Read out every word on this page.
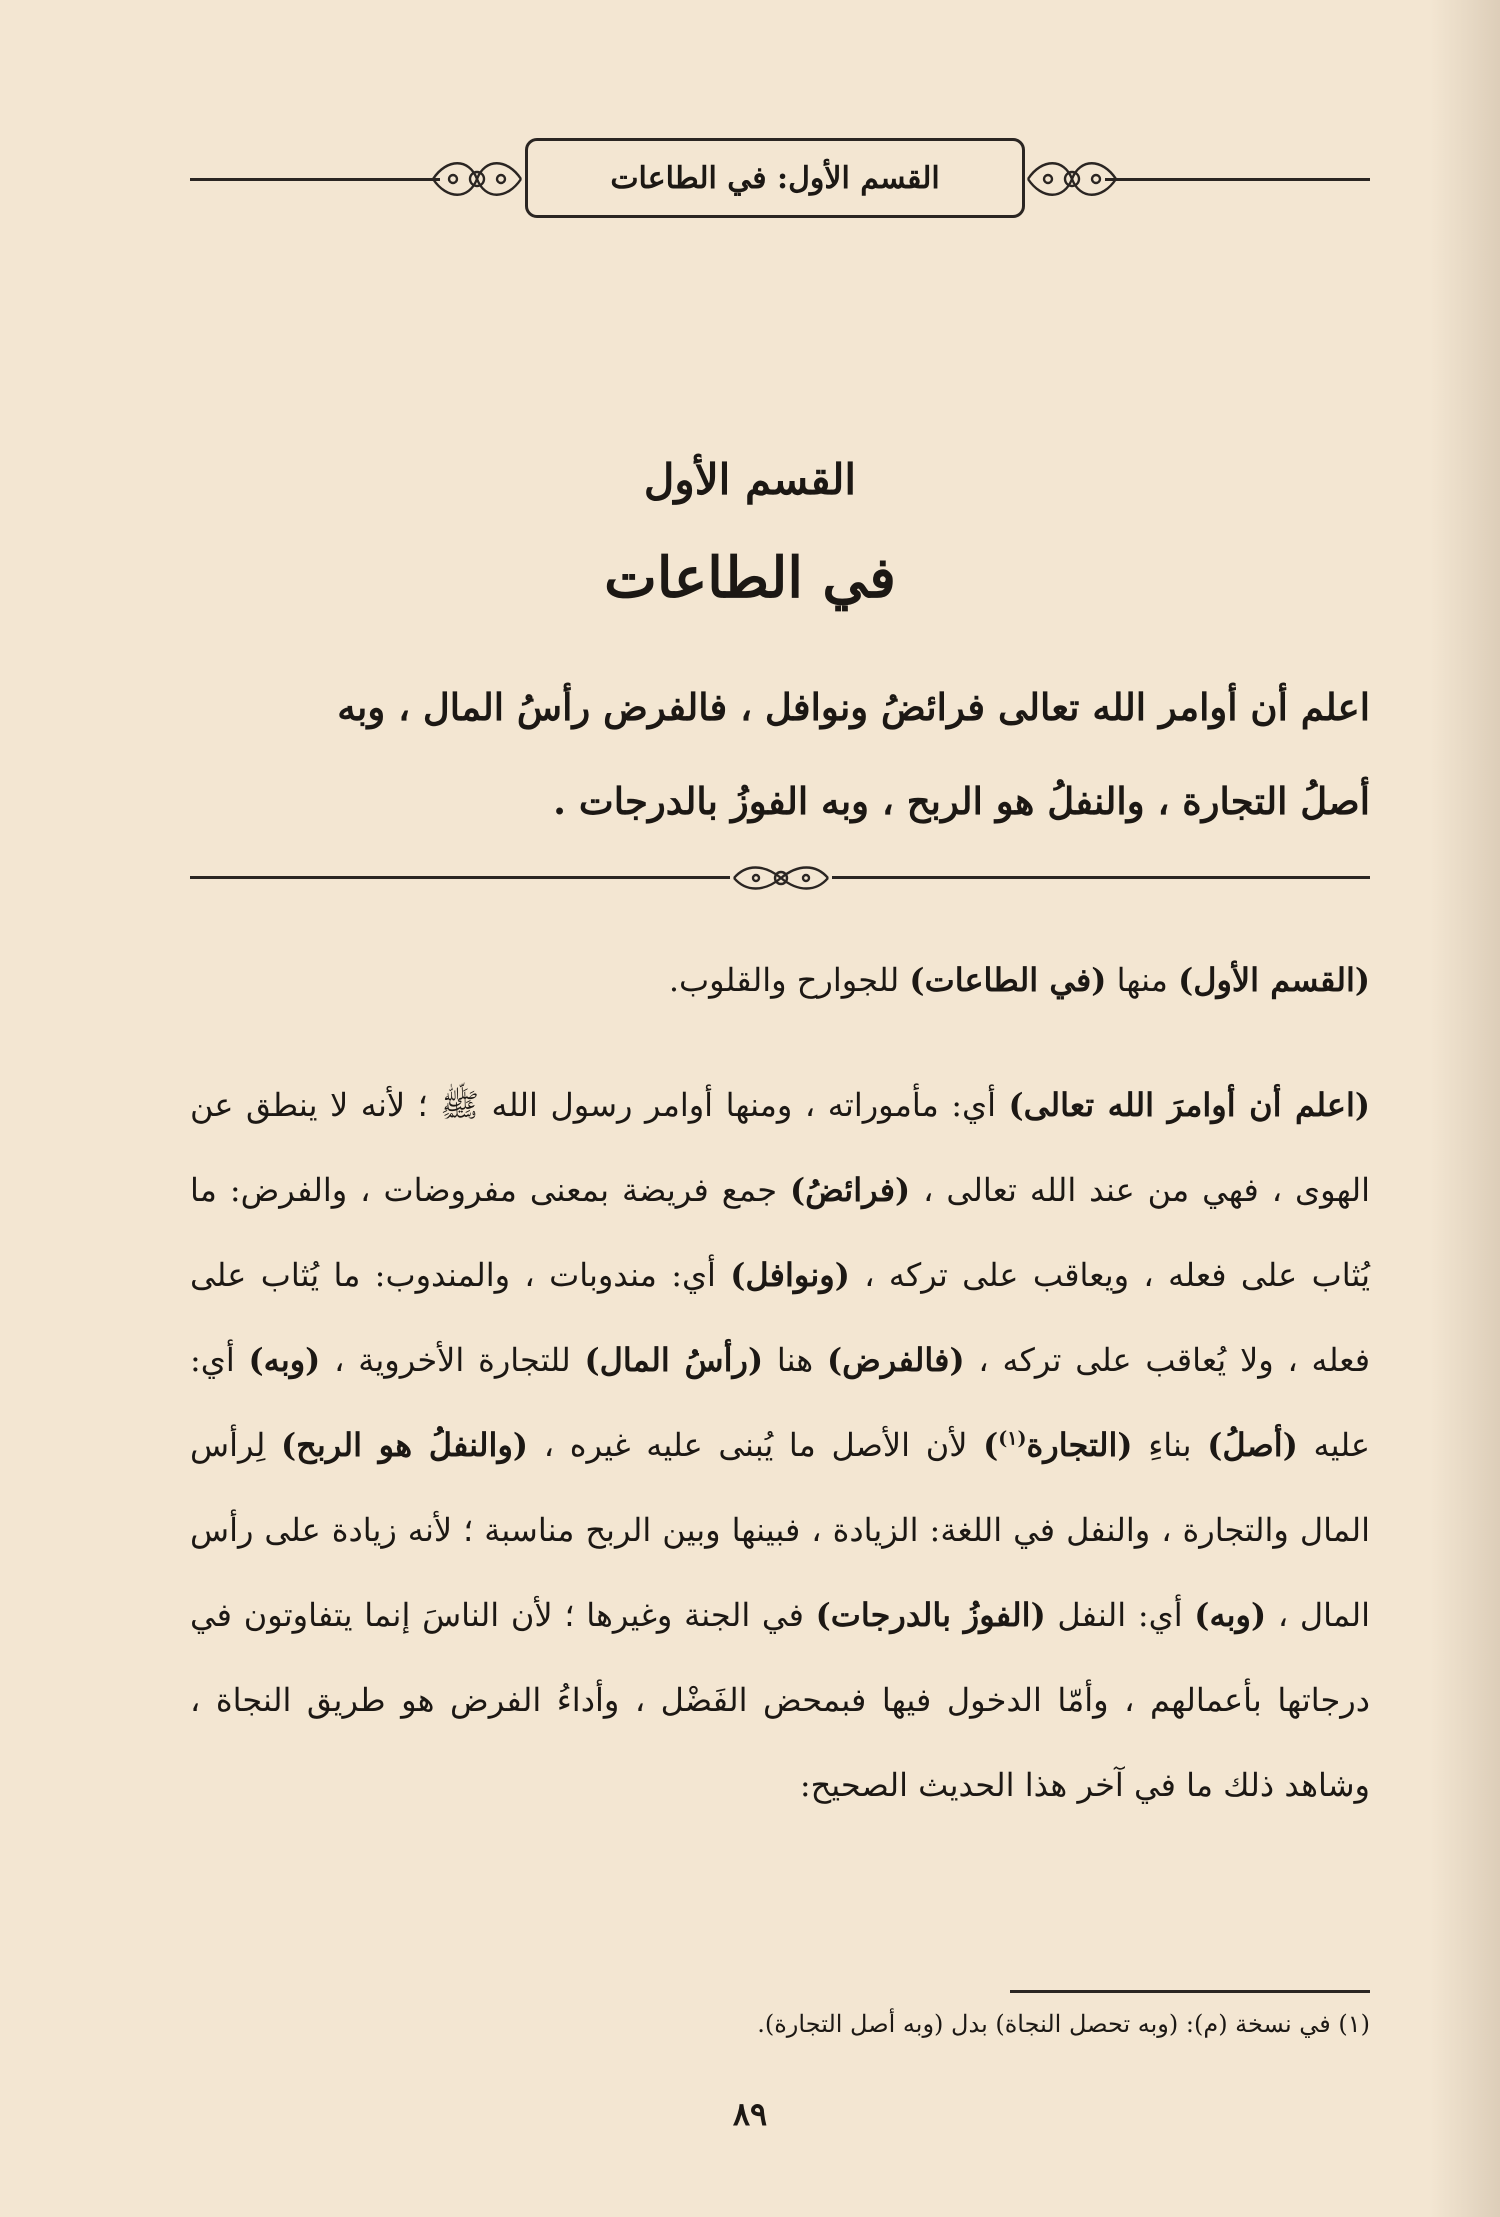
القسم الأول: في الطاعات
القسم الأول
في الطاعات
اعلم أن أوامر الله تعالى فرائضُ ونوافل ، فالفرض رأسُ المال ، وبه
أصلُ التجارة ، والنفلُ هو الربح ، وبه الفوزُ بالدرجات .

(القسم الأول) منها (في الطاعات) للجوارح والقلوب.

(اعلم أن أوامرَ الله تعالى) أي: مأموراته ، ومنها أوامر رسول الله ﷺ ؛ لأنه لا ينطق عن الهوى ، فهي من عند الله تعالى ، (فرائضُ) جمع فريضة بمعنى مفروضات ، والفرض: ما يُثاب على فعله ، ويعاقب على تركه ، (ونوافل) أي: مندوبات ، والمندوب: ما يُثاب على فعله ، ولا يُعاقب على تركه ، (فالفرض) هنا (رأسُ المال) للتجارة الأخروية ، (وبه) أي: عليه (أصلُ) بناءِ (التجارة$^{(١)}$) لأن الأصل ما يُبنى عليه غيره ، (والنفلُ هو الربح) لِرأس المال والتجارة ، والنفل في اللغة: الزيادة ، فبينها وبين الربح مناسبة ؛ لأنه زيادة على رأس المال ، (وبه) أي: النفل (الفوزُ بالدرجات) في الجنة وغيرها ؛ لأن الناسَ إنما يتفاوتون في درجاتها بأعمالهم ، وأمّا الدخول فيها فبمحض الفَضْل ، وأداءُ الفرض هو طريق النجاة ، وشاهد ذلك ما في آخر هذا الحديث الصحيح:

(١) في نسخة (م): (وبه تحصل النجاة) بدل (وبه أصل التجارة).
٨٩
